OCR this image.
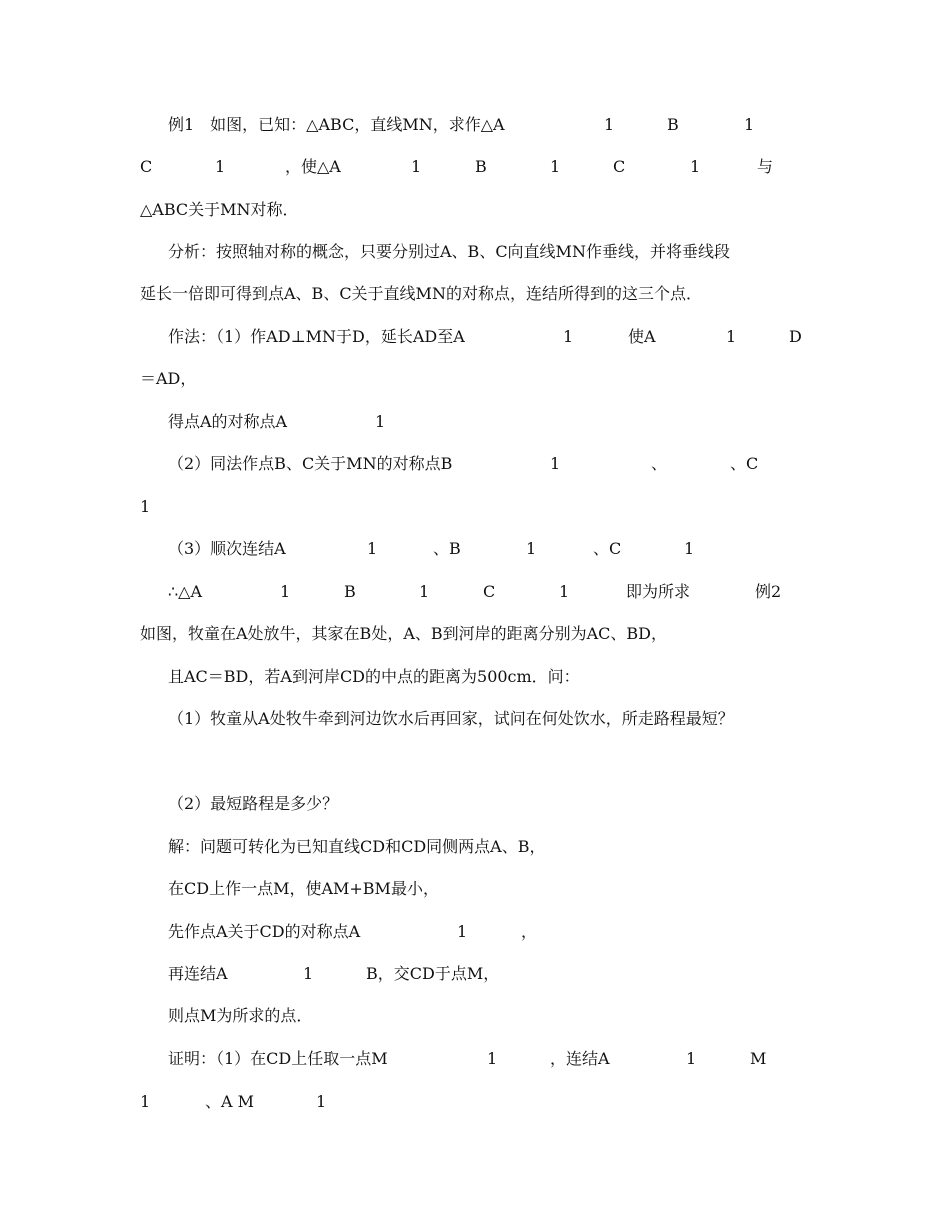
例1　如图，已知：△ABC，直线MN，求作△A	1	B	1
C	1	，使△A	1	B	1	C	1	与
△ABC关于MN对称．
分析：按照轴对称的概念，只要分别过A、B、C向直线MN作垂线，并将垂线段
延长一倍即可得到点A、B、C关于直线MN的对称点，连结所得到的这三个点．
作法：（1）作AD⊥MN于D，延长AD至A	1	使A	1	D
＝AD，
得点A的对称点A	1
（2）同法作点B、C关于MN的对称点B	1	、	、C
1
（3）顺次连结A	1	、B	1	、C	1
∴△A	1	B	1	C	1	即为所求	例2
如图，牧童在A处放牛，其家在B处，A、B到河岸的距离分别为AC、BD，
且AC＝BD，若A到河岸CD的中点的距离为500cm．问：
（1）牧童从A处牧牛牵到河边饮水后再回家，试问在何处饮水，所走路程最短？
（2）最短路程是多少？
解：问题可转化为已知直线CD和CD同侧两点A、B，
在CD上作一点M，使AM+BM最小，
先作点A关于CD的对称点A	1	，
再连结A	1	B，交CD于点M，
则点M为所求的点．
证明：（1）在CD上任取一点M	1	，连结A	1	M
1	、A M	1
